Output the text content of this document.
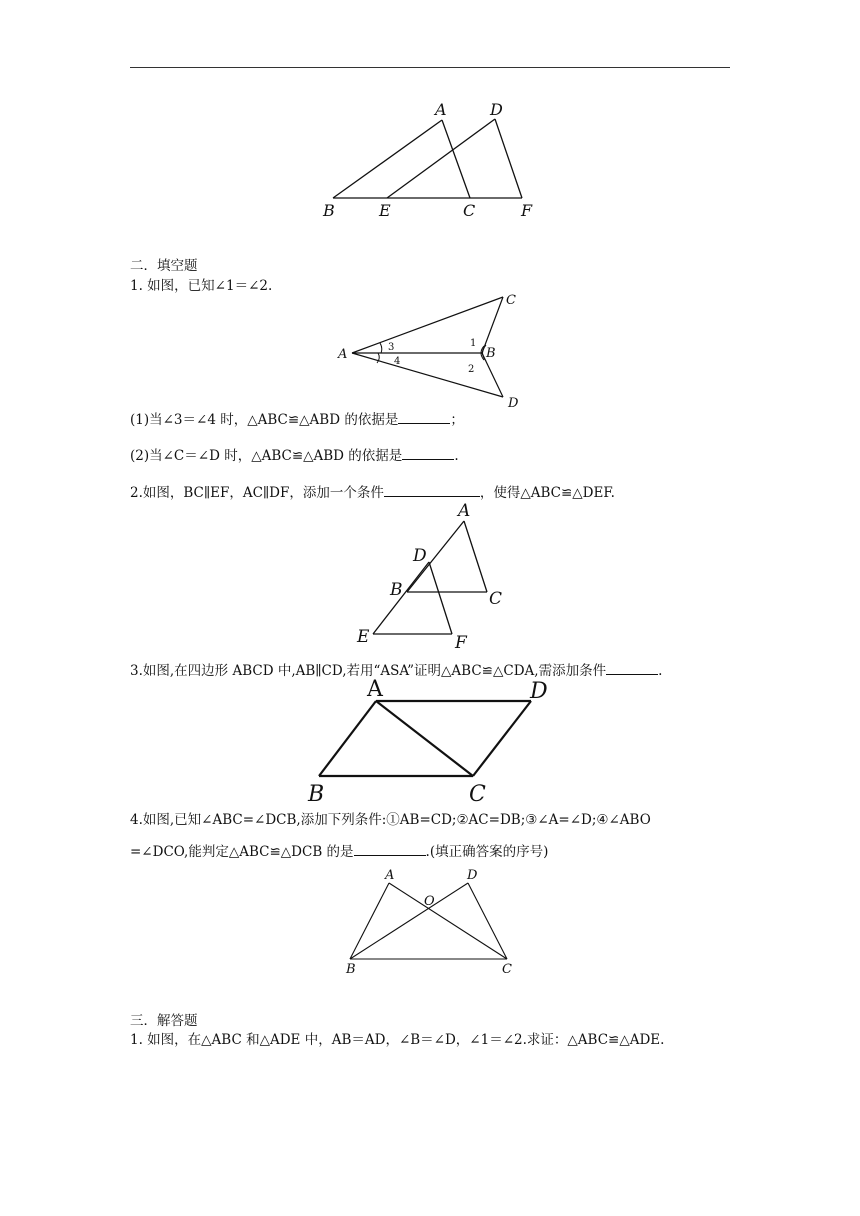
A	D
B	E	C	F
二．填空题
1. 如图，已知∠1＝∠2.
A
C
B
D
1
2
3
4
(1)当∠3＝∠4 时，△ABC≌△ABD 的依据是	；
(2)当∠C＝∠D 时，△ABC≌△ABD 的依据是	.
2.如图，BC∥EF，AC∥DF，添加一个条件	，使得△ABC≌△DEF.
A
D
B	C
E	F
3.如图,在四边形 ABCD 中,AB∥CD,若用“ASA”证明△ABC≌△CDA,需添加条件	.
A	D
B	C
4.如图,已知∠ABC=∠DCB,添加下列条件:①AB=CD;②AC=DB;③∠A=∠D;④∠ABO
=∠DCO,能判定△ABC≌△DCB 的是	.(填正确答案的序号)
A	D
O
B	C
三．解答题
1. 如图，在△ABC 和△ADE 中，AB＝AD，∠B＝∠D，∠1＝∠2.求证：△ABC≌△ADE.
